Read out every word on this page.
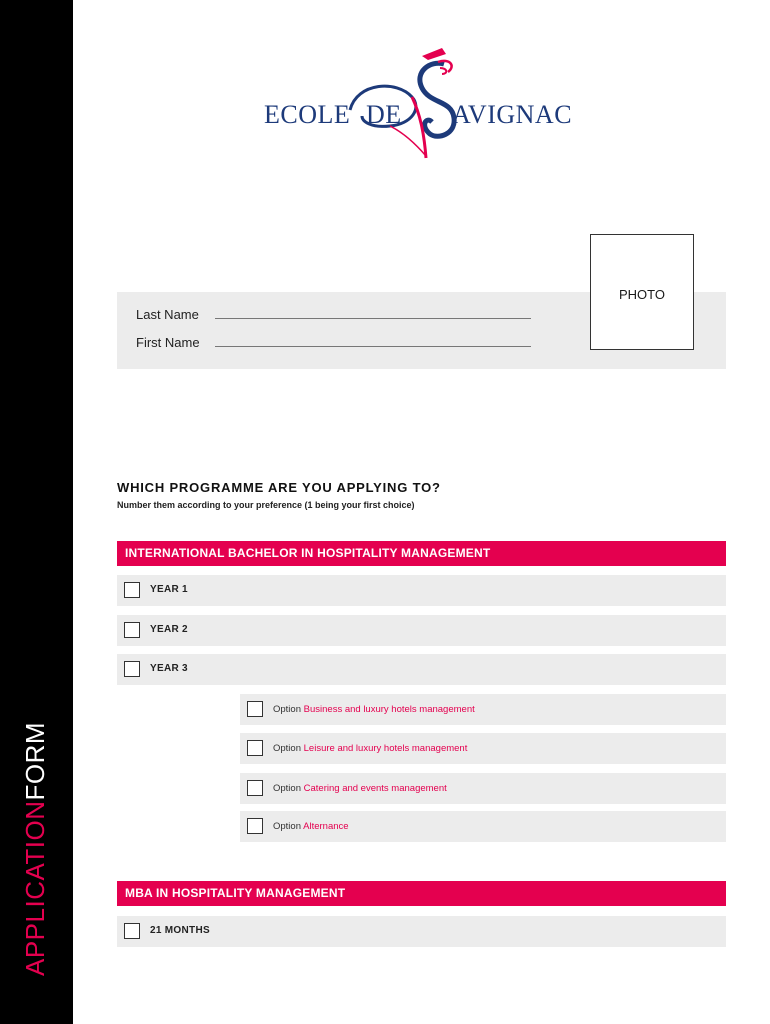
APPLICATIONFORM
ECOLE DE AVIGNAC
PHOTO
Last Name
First Name
WHICH PROGRAMME ARE YOU APPLYING TO?
Number them according to your preference (1 being your first choice)
INTERNATIONAL BACHELOR IN HOSPITALITY MANAGEMENT
YEAR 1
YEAR 2
YEAR 3
Option Business and luxury hotels management
Option Leisure and luxury hotels management
Option Catering and events management
Option Alternance
MBA IN HOSPITALITY MANAGEMENT
21 MONTHS
